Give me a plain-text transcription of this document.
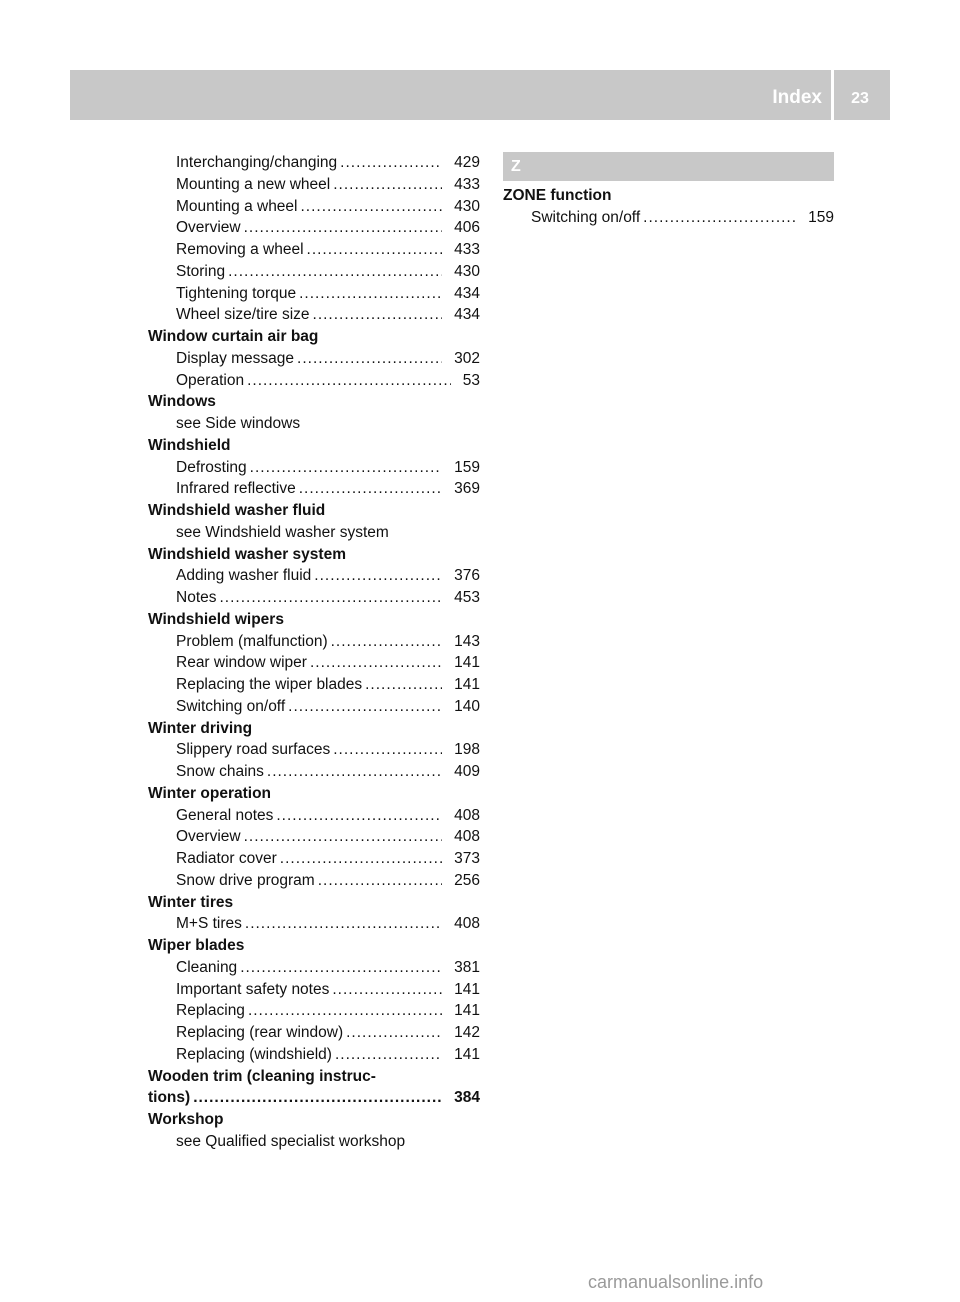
Index	23
Interchanging/changing .....	429
Mounting a new wheel .....	433
Mounting a wheel .....	430
Overview .....	406
Removing a wheel .....	433
Storing .....	430
Tightening torque .....	434
Wheel size/tire size .....	434
Window curtain air bag
Display message .....	302
Operation .....	53
Windows
see Side windows
Windshield
Defrosting .....	159
Infrared reflective .....	369
Windshield washer fluid
see Windshield washer system
Windshield washer system
Adding washer fluid .....	376
Notes .....	453
Windshield wipers
Problem (malfunction) .....	143
Rear window wiper .....	141
Replacing the wiper blades .....	141
Switching on/off .....	140
Winter driving
Slippery road surfaces .....	198
Snow chains .....	409
Winter operation
General notes .....	408
Overview .....	408
Radiator cover .....	373
Snow drive program .....	256
Winter tires
M+S tires .....	408
Wiper blades
Cleaning .....	381
Important safety notes .....	141
Replacing .....	141
Replacing (rear window) .....	142
Replacing (windshield) .....	141
Wooden trim (cleaning instruc-
tions) .....	384
Workshop
see Qualified specialist workshop
Z
ZONE function
Switching on/off .....	159
carmanualsonline.info
